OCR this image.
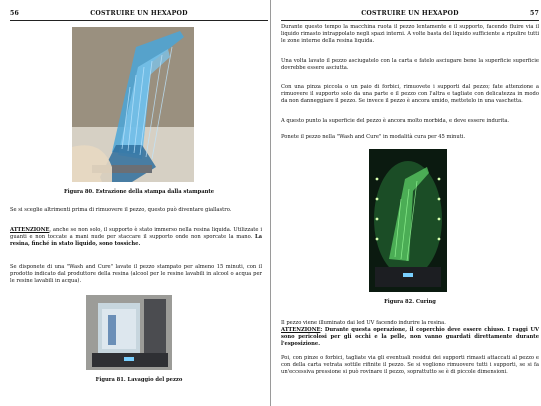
56	COSTRUIRE UN HEXAPOD
Figura 80. Estrazione della stampa dalla stampante

Se si sceglie altrimenti prima di rimuovere il pezzo, questo può diventare giallastro.

ATTENZIONE, anche se non solo, il supporto è stato immerso nella resina liquida. Utilizzate i guanti e non toccate a mani nude per staccare il supporto onde non sporcate la mano. La resina, finché in stato liquido, sono tossiche.

Se disponete di una "Wash and Cure" lavate il pezzo stampato per almeno 15 minuti, con il prodotto indicato dal produttore della resina (alcool per le resine lavabili in alcool o acqua per le resine lavabili in acqua).

Figura 81. Lavaggio del pezzo
COSTRUIRE UN HEXAPOD	57

Durante questo tempo la macchina ruota il pezzo lentamente e il supporto, facendo fluire via il liquido rimasto intrappolato negli spazi interni. A volte basta del liquido sufficiente a ripulire tutti le zone interne della resina liquida.

Una volta lavato il pezzo asciugatelo con la carta e fatelo asciugare bene la superficie superficie dovrebbe essere asciutta.

Con una pinza piccola o un paio di forbici, rimuovete i supporti dal pezzo; fate attenzione a rimuovere il supporto solo da una parte e il pezzo con l'altra e tagliate con delicatezza in modo da non danneggiare il pezzo. Se invece il pezzo è ancora umido, mettetelo in una vaschetta.

A questo punto la superficie del pezzo è ancora molto morbida, e deve essere indurita.

Ponete il pezzo nella "Wash and Cure" in modalità cura per 45 minuti.

Figura 82. Curing

Il pezzo viene illuminato dai led UV facendo indurire la resina.

ATTENZIONE: Durante questa operazione, il coperchio deve essere chiuso. I raggi UV sono pericolosi per gli occhi e la pelle, non vanno guardati direttamente durante l'esposizione.

Poi, con pinze o forbici, tagliate via gli eventuali residui dei supporti rimasti attaccati al pezzo e con della carta vetrata sottile rifinite il pezzo. Se si vogliono rimuovere tutti i supporti, se si fa un'eccessiva pressione si può rovinare il pezzo, soprattutto se è di piccole dimensioni.
